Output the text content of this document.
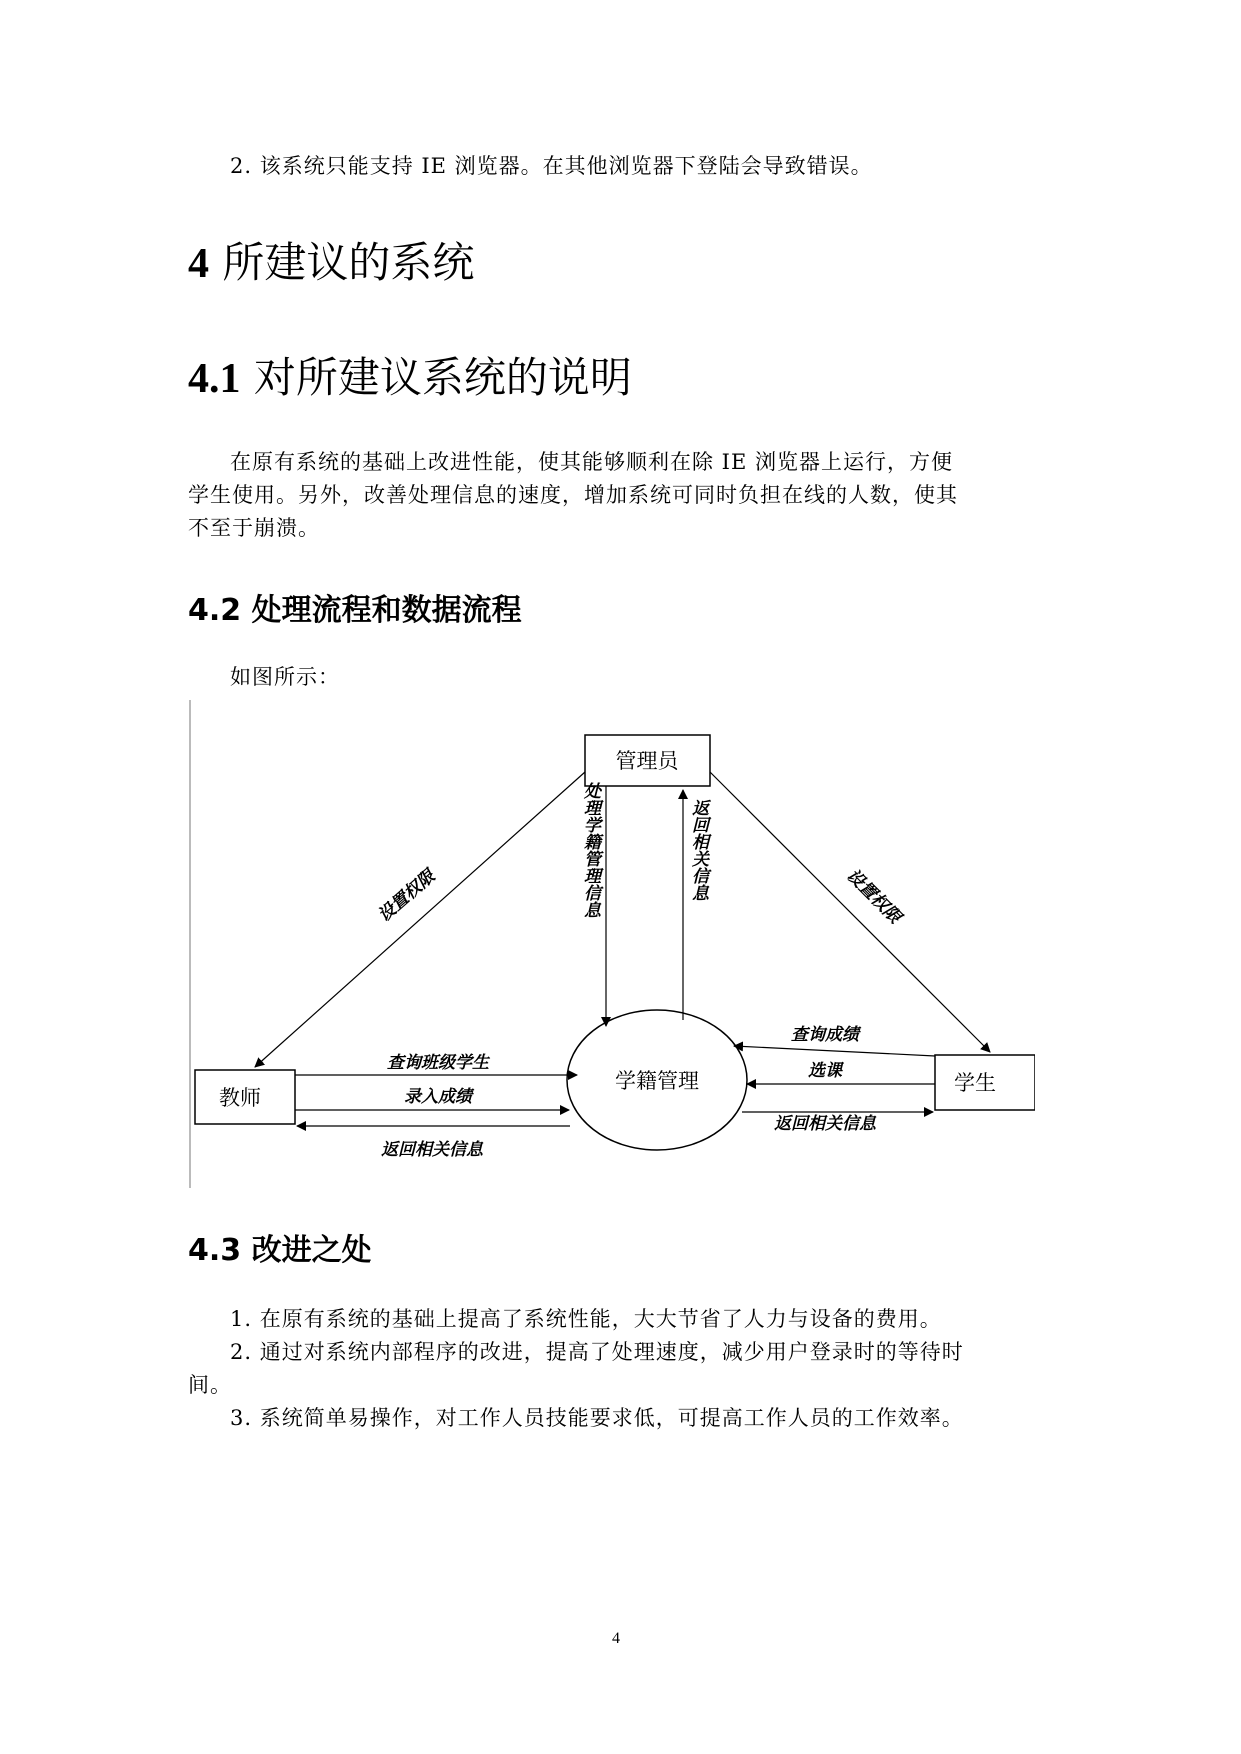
2. 该系统只能支持 IE 浏览器。在其他浏览器下登陆会导致错误。
4 所建议的系统
4.1 对所建议系统的说明
在原有系统的基础上改进性能，使其能够顺利在除 IE 浏览器上运行，方便
学生使用。另外，改善处理信息的速度，增加系统可同时负担在线的人数，使其
不至于崩溃。
4.2 处理流程和数据流程
如图所示：
管理员
学籍管理
教师
学生
设置权限	设置权限
处理学籍管理信息	返回相关信息
查询班级学生
录入成绩
返回相关信息
查询成绩
选课
返回相关信息
4.3 改进之处
1. 在原有系统的基础上提高了系统性能，大大节省了人力与设备的费用。
2. 通过对系统内部程序的改进，提高了处理速度，减少用户登录时的等待时
间。
3. 系统简单易操作，对工作人员技能要求低，可提高工作人员的工作效率。
4
